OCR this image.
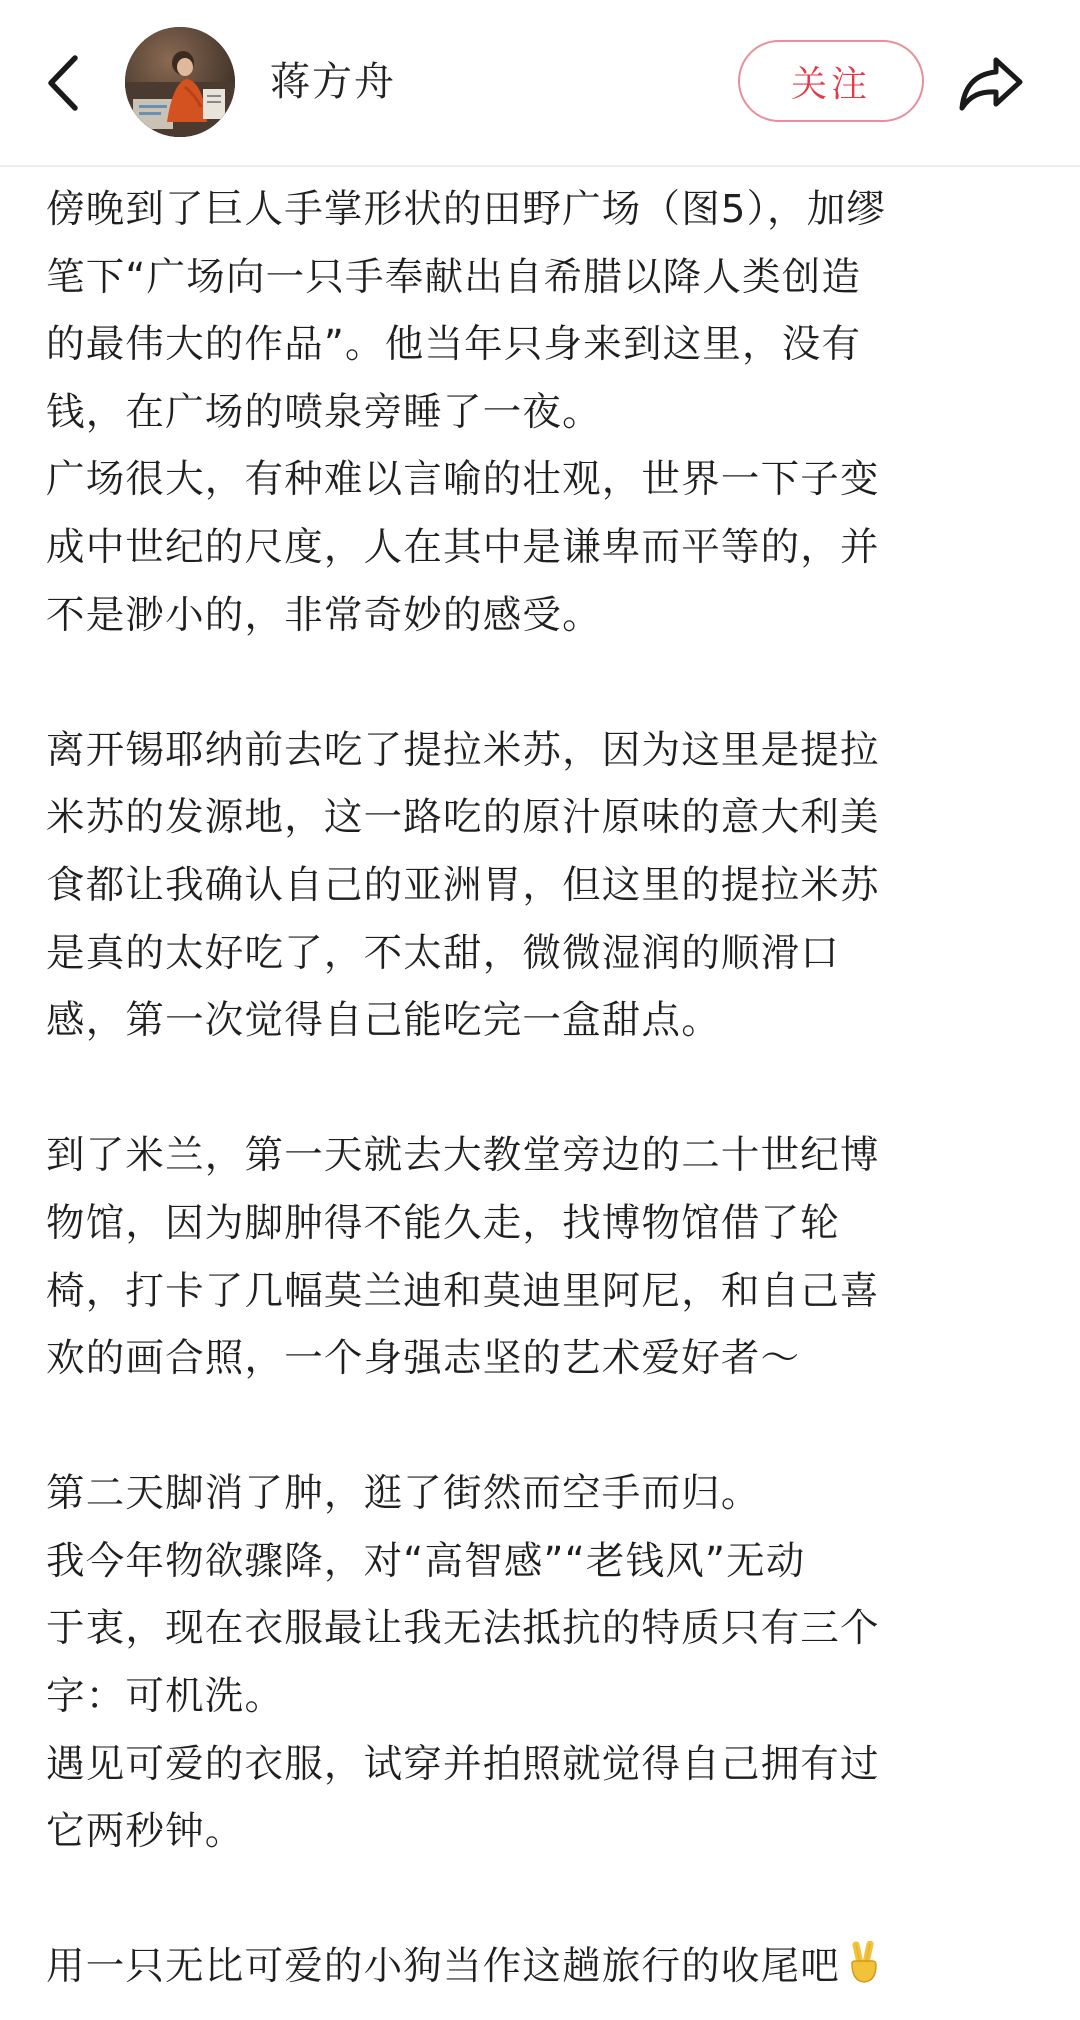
蒋方舟	关注

傍晚到了巨人手掌形状的田野广场（图5），加缪

笔下“广场向一只手奉献出自希腊以降人类创造

的最伟大的作品”。他当年只身来到这里，没有

钱，在广场的喷泉旁睡了一夜。

广场很大，有种难以言喻的壮观，世界一下子变

成中世纪的尺度，人在其中是谦卑而平等的，并

不是渺小的，非常奇妙的感受。

离开锡耶纳前去吃了提拉米苏，因为这里是提拉

米苏的发源地，这一路吃的原汁原味的意大利美

食都让我确认自己的亚洲胃，但这里的提拉米苏

是真的太好吃了，不太甜，微微湿润的顺滑口

感，第一次觉得自己能吃完一盒甜点。

到了米兰，第一天就去大教堂旁边的二十世纪博

物馆，因为脚肿得不能久走，找博物馆借了轮

椅，打卡了几幅莫兰迪和莫迪里阿尼，和自己喜

欢的画合照，一个身强志坚的艺术爱好者～

第二天脚消了肿，逛了街然而空手而归。

我今年物欲骤降，对“高智感”“老钱风”无动

于衷，现在衣服最让我无法抵抗的特质只有三个

字：可机洗。

遇见可爱的衣服，试穿并拍照就觉得自己拥有过

它两秒钟。

用一只无比可爱的小狗当作这趟旅行的收尾吧
